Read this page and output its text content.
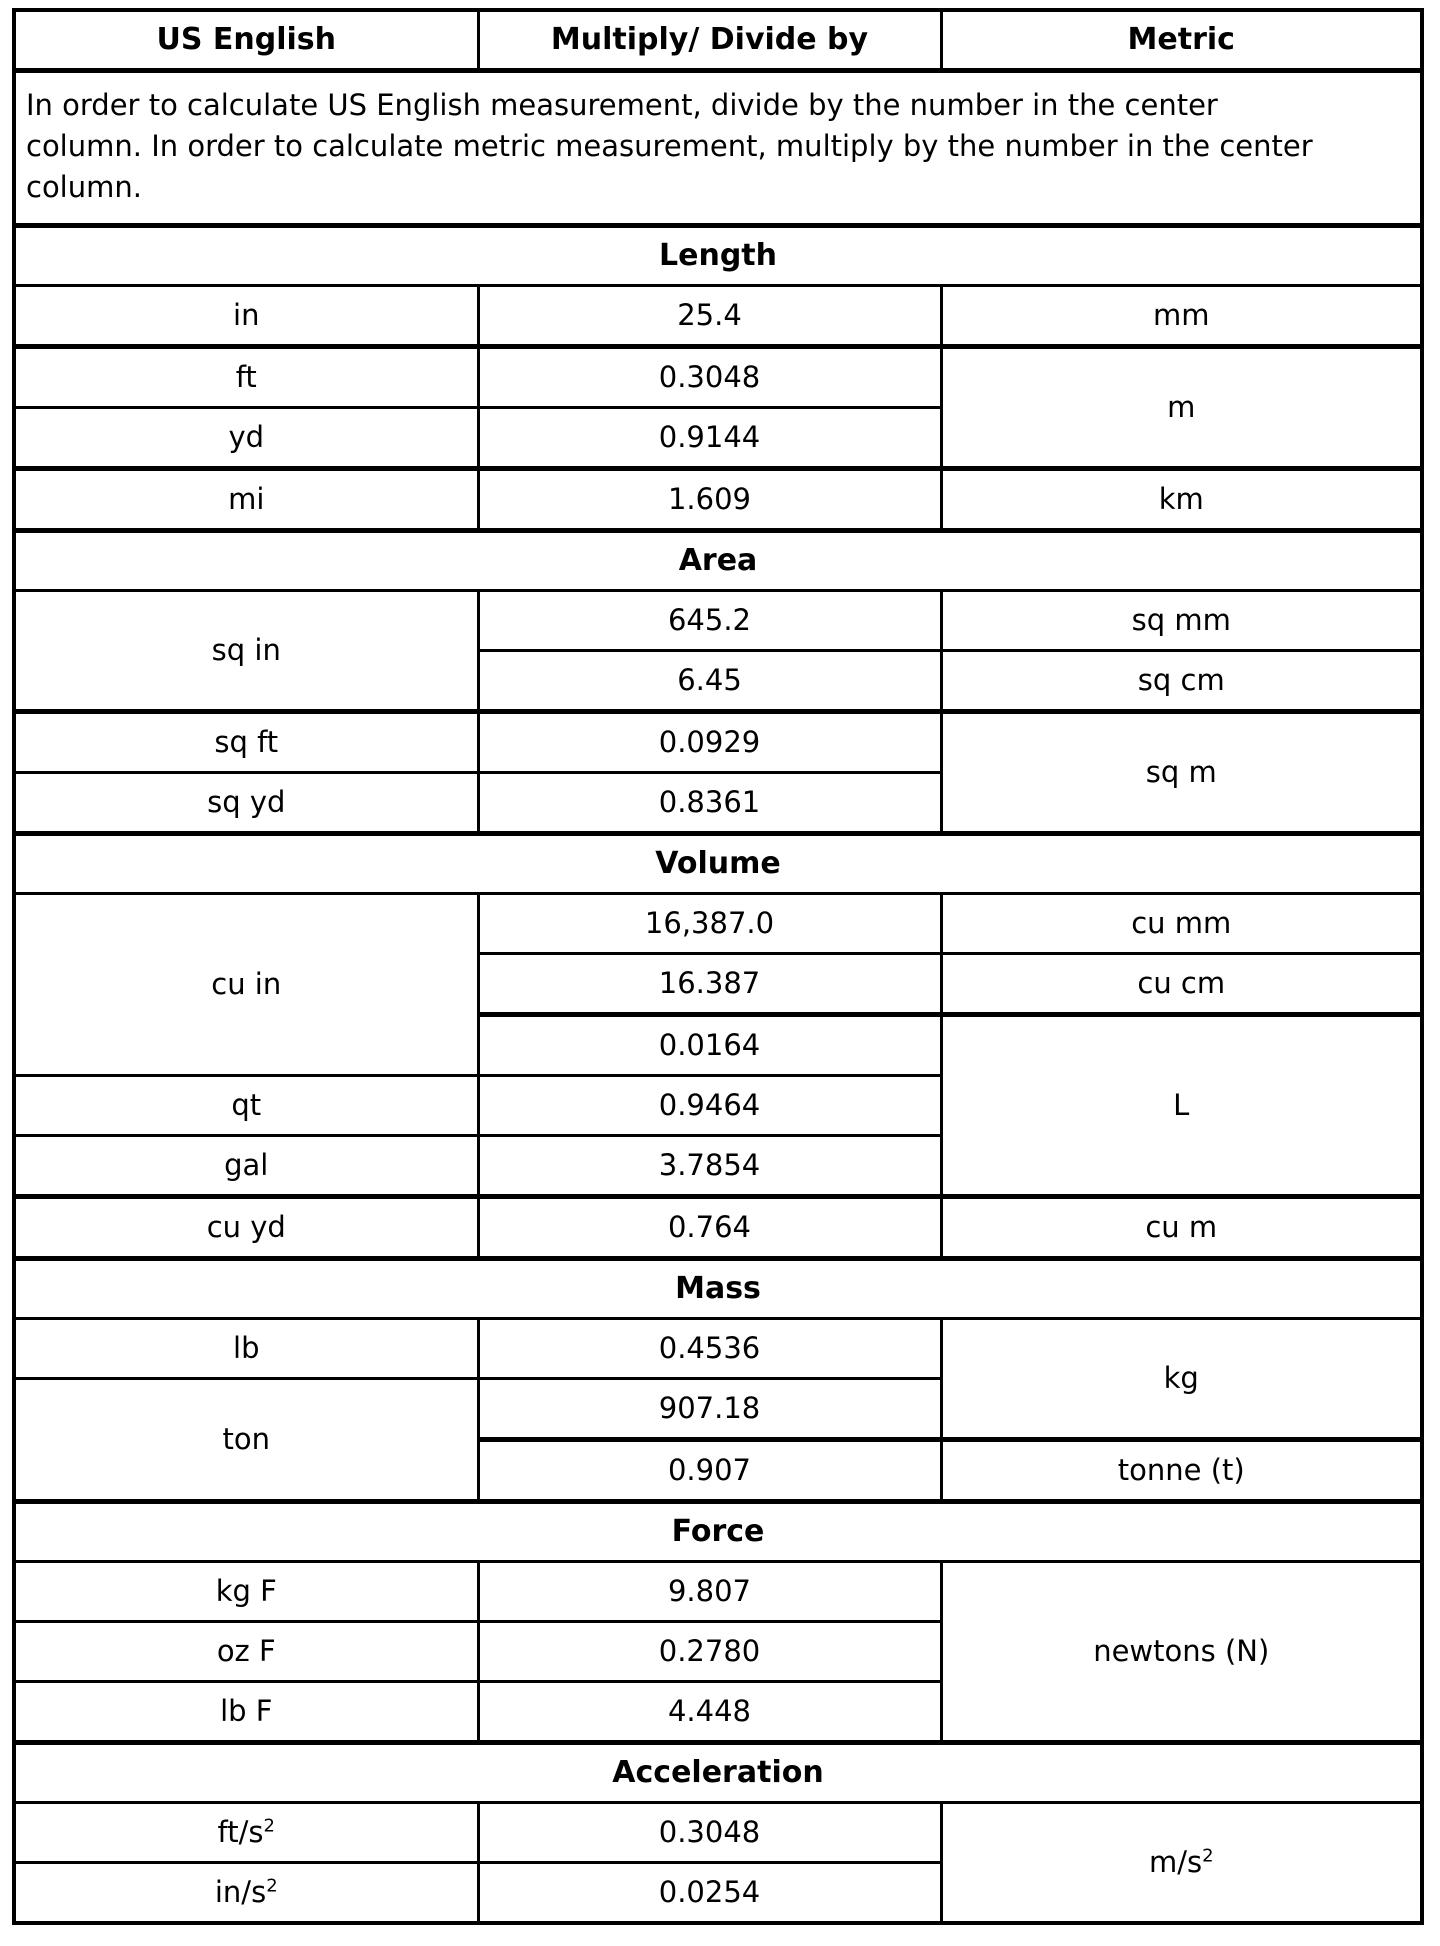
US English	Multiply/ Divide by	Metric

In order to calculate US English measurement, divide by the number in the center
column. In order to calculate metric measurement, multiply by the number in the center
column.		

Length		
in	25.4	mm
ft	0.3048	m
yd	0.9144	
mi	1.609	km
Area		
sq in	645.2	sq mm
	6.45	sq cm
sq ft	0.0929	sq m
sq yd	0.8361	
Volume		
cu in	16,387.0	cu mm
	16.387	cu cm
	0.0164	L
qt	0.9464	
gal	3.7854	
cu yd	0.764	cu m
Mass		
lb	0.4536	kg
ton	907.18	
	0.907	tonne (t)
Force		
kg F	9.807	newtons (N)
oz F	0.2780	
lb F	4.448	
Acceleration		
$ft/s^2$	0.3048	$m/s^2$
$in/s^2$	0.0254	
